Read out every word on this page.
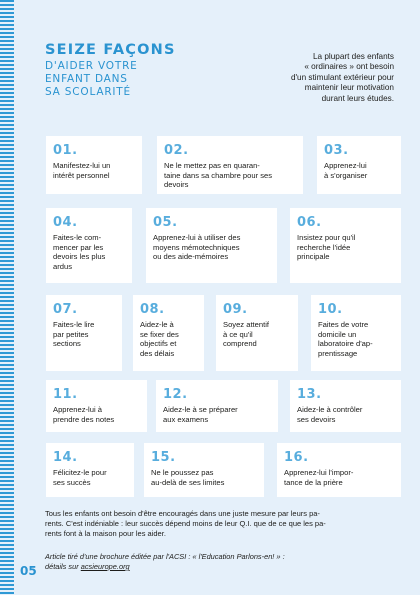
SEIZE FAÇONS
D'AIDER VOTRE
ENFANT DANS
SA SCOLARITÉ
La plupart des enfants
« ordinaires » ont besoin
d'un stimulant extérieur pour
maintenir leur motivation
durant leurs études.
01.
Manifestez-lui un
intérêt personnel
02.
Ne le mettez pas en quaran-
taine dans sa chambre pour ses
devoirs
03.
Apprenez-lui
à s'organiser
04.
Faites-le com-
mencer par les
devoirs les plus
ardus
05.
Apprenez-lui à utiliser des
moyens mémotechniques
ou des aide-mémoires
06.
Insistez pour qu'il
recherche l'idée
principale
07.
Faites-le lire
par petites
sections
08.
Aidez-le à
se fixer des
objectifs et
des délais
09.
Soyez attentif
à ce qu'il
comprend
10.
Faites de votre
domicile un
laboratoire d'ap-
prentissage
11.
Apprenez-lui à
prendre des notes
12.
Aidez-le à se préparer
aux examens
13.
Aidez-le à contrôler
ses devoirs
14.
Félicitez-le pour
ses succès
15.
Ne le poussez pas
au-delà de ses limites
16.
Apprenez-lui l'impor-
tance de la prière
Tous les enfants ont besoin d'être encouragés dans une juste mesure par leurs pa-
rents. C'est indéniable : leur succès dépend moins de leur Q.I. que de ce que les pa-
rents font à la maison pour les aider.
Article tiré d'une brochure éditée par l'ACSI : « l'Education Parlons-en! » :
détails sur acsieurope.org
05
